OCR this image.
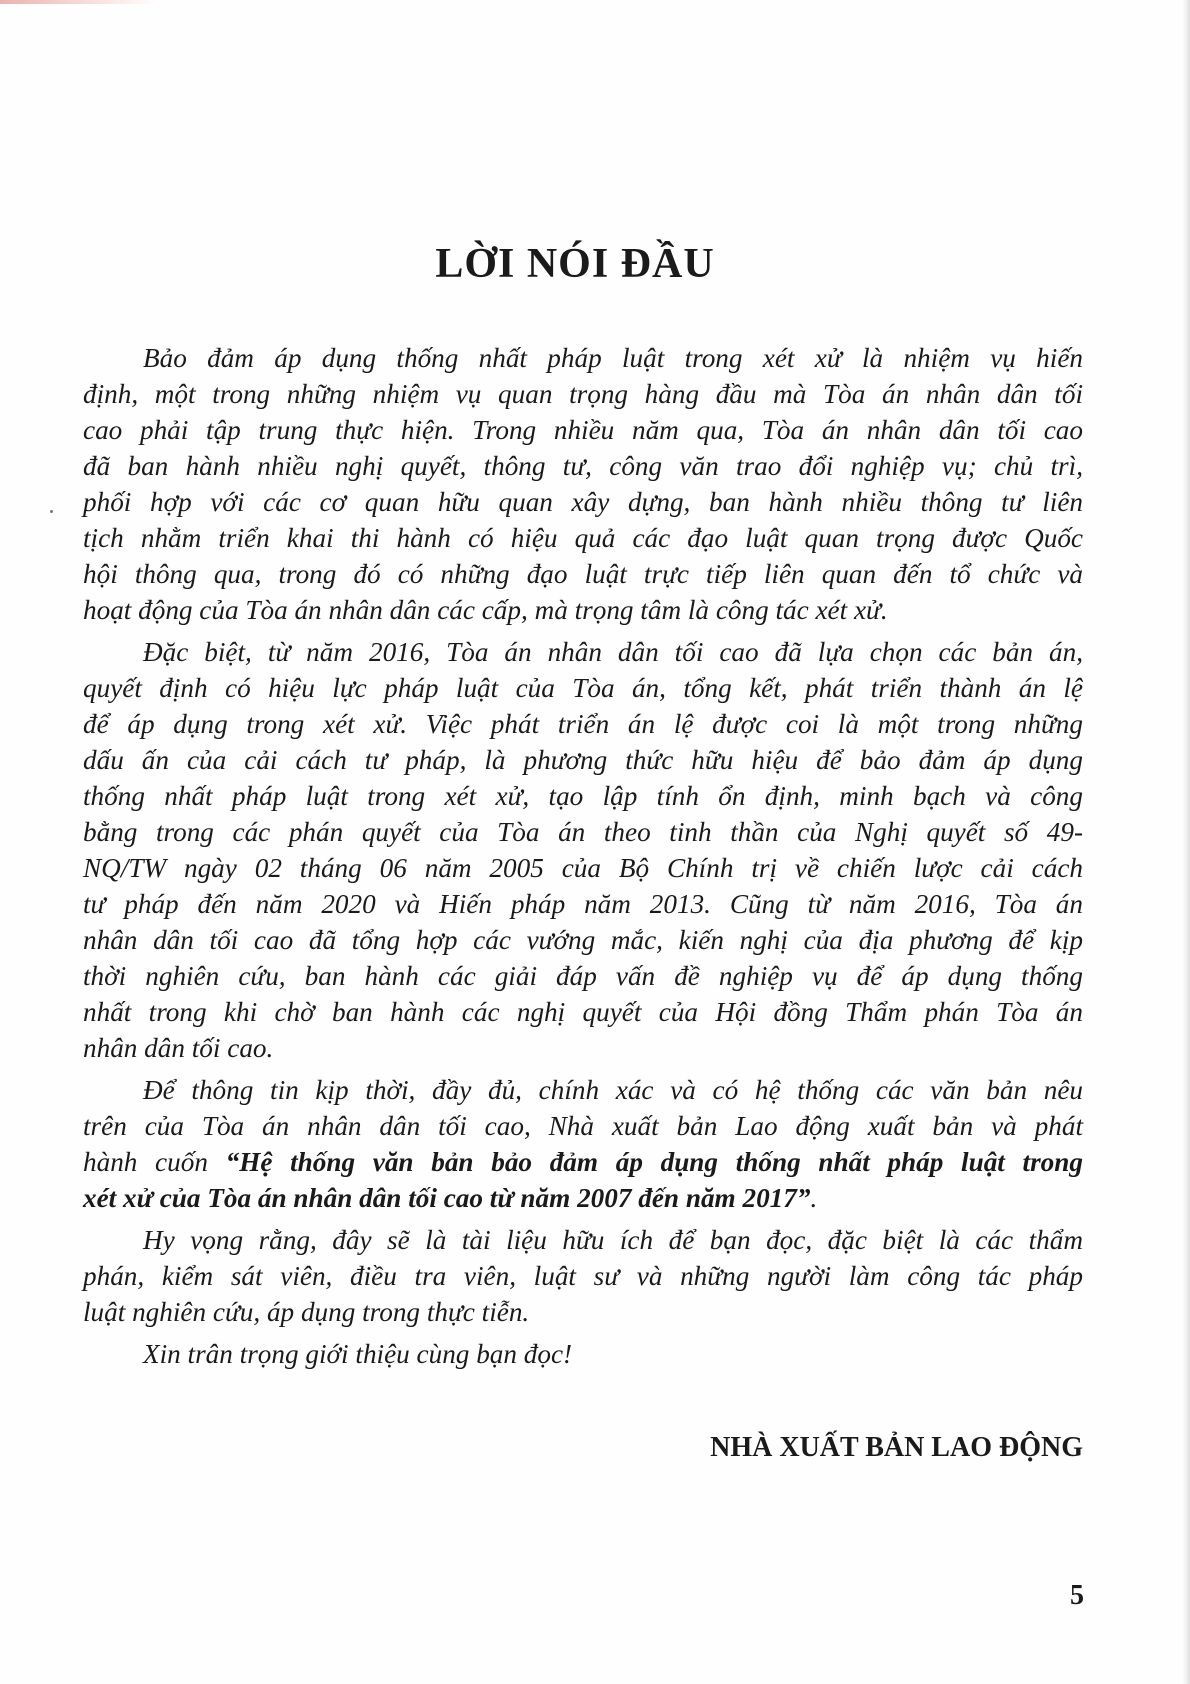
LỜI NÓI ĐẦU
Bảo đảm áp dụng thống nhất pháp luật trong xét xử là nhiệm vụ hiến
định, một trong những nhiệm vụ quan trọng hàng đầu mà Tòa án nhân dân tối
cao phải tập trung thực hiện. Trong nhiều năm qua, Tòa án nhân dân tối cao
đã ban hành nhiều nghị quyết, thông tư, công văn trao đổi nghiệp vụ; chủ trì,
phối hợp với các cơ quan hữu quan xây dựng, ban hành nhiều thông tư liên
tịch nhằm triển khai thi hành có hiệu quả các đạo luật quan trọng được Quốc
hội thông qua, trong đó có những đạo luật trực tiếp liên quan đến tổ chức và
hoạt động của Tòa án nhân dân các cấp, mà trọng tâm là công tác xét xử.
Đặc biệt, từ năm 2016, Tòa án nhân dân tối cao đã lựa chọn các bản án,
quyết định có hiệu lực pháp luật của Tòa án, tổng kết, phát triển thành án lệ
để áp dụng trong xét xử. Việc phát triển án lệ được coi là một trong những
dấu ấn của cải cách tư pháp, là phương thức hữu hiệu để bảo đảm áp dụng
thống nhất pháp luật trong xét xử, tạo lập tính ổn định, minh bạch và công
bằng trong các phán quyết của Tòa án theo tinh thần của Nghị quyết số 49-
NQ/TW ngày 02 tháng 06 năm 2005 của Bộ Chính trị về chiến lược cải cách
tư pháp đến năm 2020 và Hiến pháp năm 2013. Cũng từ năm 2016, Tòa án
nhân dân tối cao đã tổng hợp các vướng mắc, kiến nghị của địa phương để kịp
thời nghiên cứu, ban hành các giải đáp vấn đề nghiệp vụ để áp dụng thống
nhất trong khi chờ ban hành các nghị quyết của Hội đồng Thẩm phán Tòa án
nhân dân tối cao.
Để thông tin kịp thời, đầy đủ, chính xác và có hệ thống các văn bản nêu
trên của Tòa án nhân dân tối cao, Nhà xuất bản Lao động xuất bản và phát
hành cuốn “Hệ thống văn bản bảo đảm áp dụng thống nhất pháp luật trong
xét xử của Tòa án nhân dân tối cao từ năm 2007 đến năm 2017”.
Hy vọng rằng, đây sẽ là tài liệu hữu ích để bạn đọc, đặc biệt là các thẩm
phán, kiểm sát viên, điều tra viên, luật sư và những người làm công tác pháp
luật nghiên cứu, áp dụng trong thực tiễn.
Xin trân trọng giới thiệu cùng bạn đọc!

NHÀ XUẤT BẢN LAO ĐỘNG

5
